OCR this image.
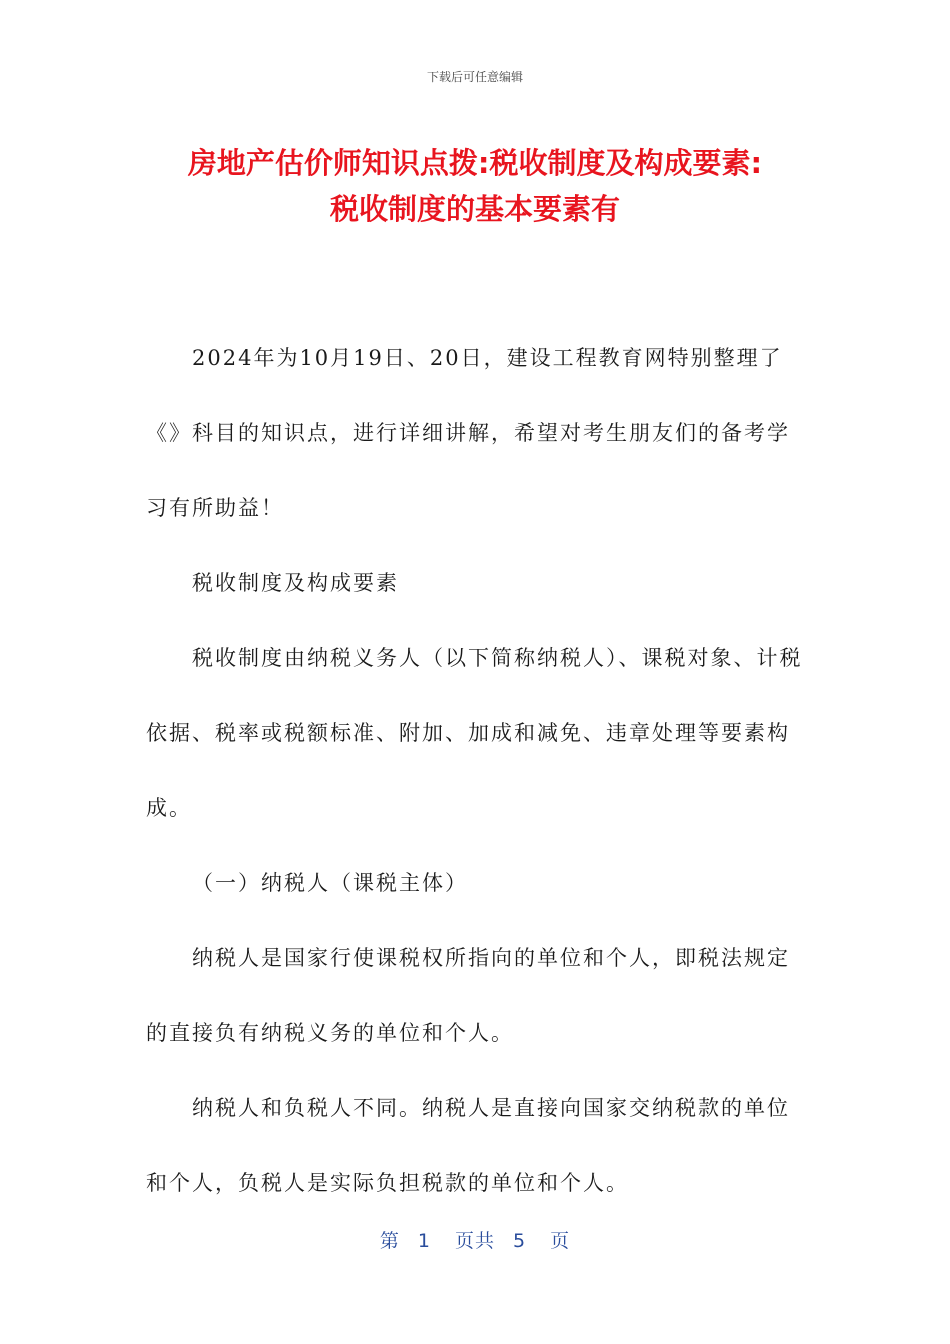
下载后可任意编辑
房地产估价师知识点拨:税收制度及构成要素:
税收制度的基本要素有

2024年为10月19日、20日，建设工程教育网特别整理了《》科目的知识点，进行详细讲解，希望对考生朋友们的备考学习有所助益！

税收制度及构成要素

税收制度由纳税义务人（以下简称纳税人）、课税对象、计税依据、税率或税额标准、附加、加成和减免、违章处理等要素构成。

（一）纳税人（课税主体）

纳税人是国家行使课税权所指向的单位和个人，即税法规定的直接负有纳税义务的单位和个人。

纳税人和负税人不同。纳税人是直接向国家交纳税款的单位和个人，负税人是实际负担税款的单位和个人。

第 1 页共 5 页
